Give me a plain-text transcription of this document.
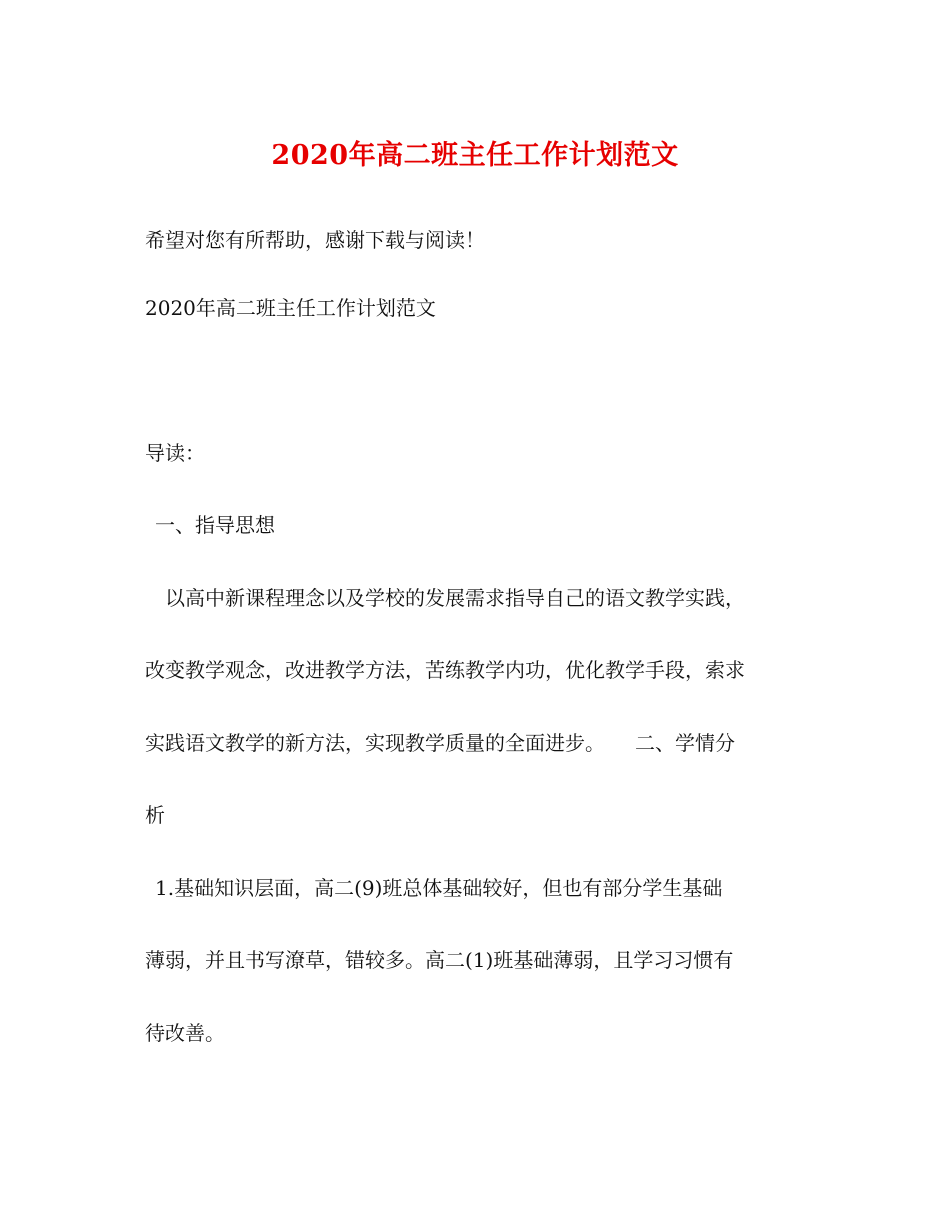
2020年高二班主任工作计划范文
希望对您有所帮助，感谢下载与阅读！
2020年高二班主任工作计划范文
导读：
一、指导思想
以高中新课程理念以及学校的发展需求指导自己的语文教学实践，
改变教学观念，改进教学方法，苦练教学内功，优化教学手段，索求
实践语文教学的新方法，实现教学质量的全面进步。　　二、学情分
析
1.基础知识层面，高二(9)班总体基础较好，但也有部分学生基础
薄弱，并且书写潦草，错较多。高二(1)班基础薄弱，且学习习惯有
待改善。
